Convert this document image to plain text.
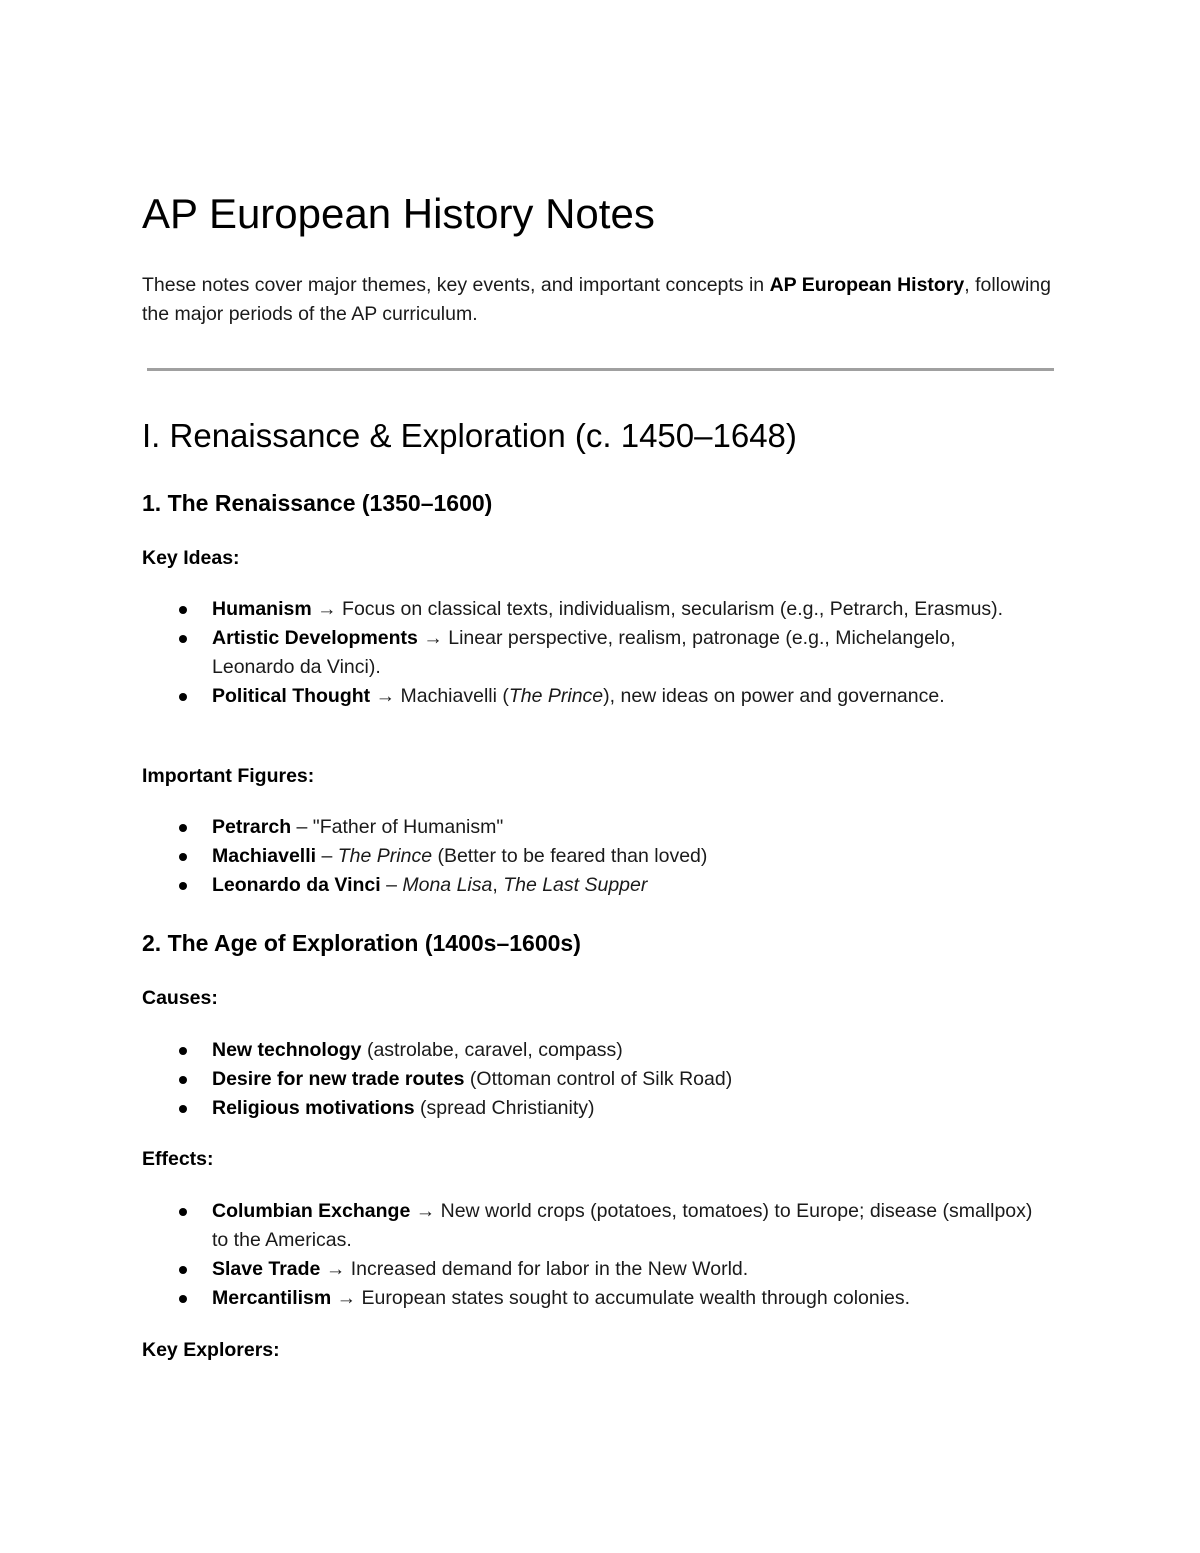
AP European History Notes

These notes cover major themes, key events, and important concepts in AP European History, following the major periods of the AP curriculum.

I. Renaissance & Exploration (c. 1450–1648)
1. The Renaissance (1350–1600)

Key Ideas:

Humanism → Focus on classical texts, individualism, secularism (e.g., Petrarch, Erasmus).
Artistic Developments → Linear perspective, realism, patronage (e.g., Michelangelo, Leonardo da Vinci).
Political Thought → Machiavelli (The Prince), new ideas on power and governance.

Important Figures:

Petrarch – "Father of Humanism"
Machiavelli – The Prince (Better to be feared than loved)
Leonardo da Vinci – Mona Lisa, The Last Supper
2. The Age of Exploration (1400s–1600s)

Causes:

New technology (astrolabe, caravel, compass)
Desire for new trade routes (Ottoman control of Silk Road)
Religious motivations (spread Christianity)

Effects:

Columbian Exchange → New world crops (potatoes, tomatoes) to Europe; disease (smallpox) to the Americas.
Slave Trade → Increased demand for labor in the New World.
Mercantilism → European states sought to accumulate wealth through colonies.

Key Explorers:
